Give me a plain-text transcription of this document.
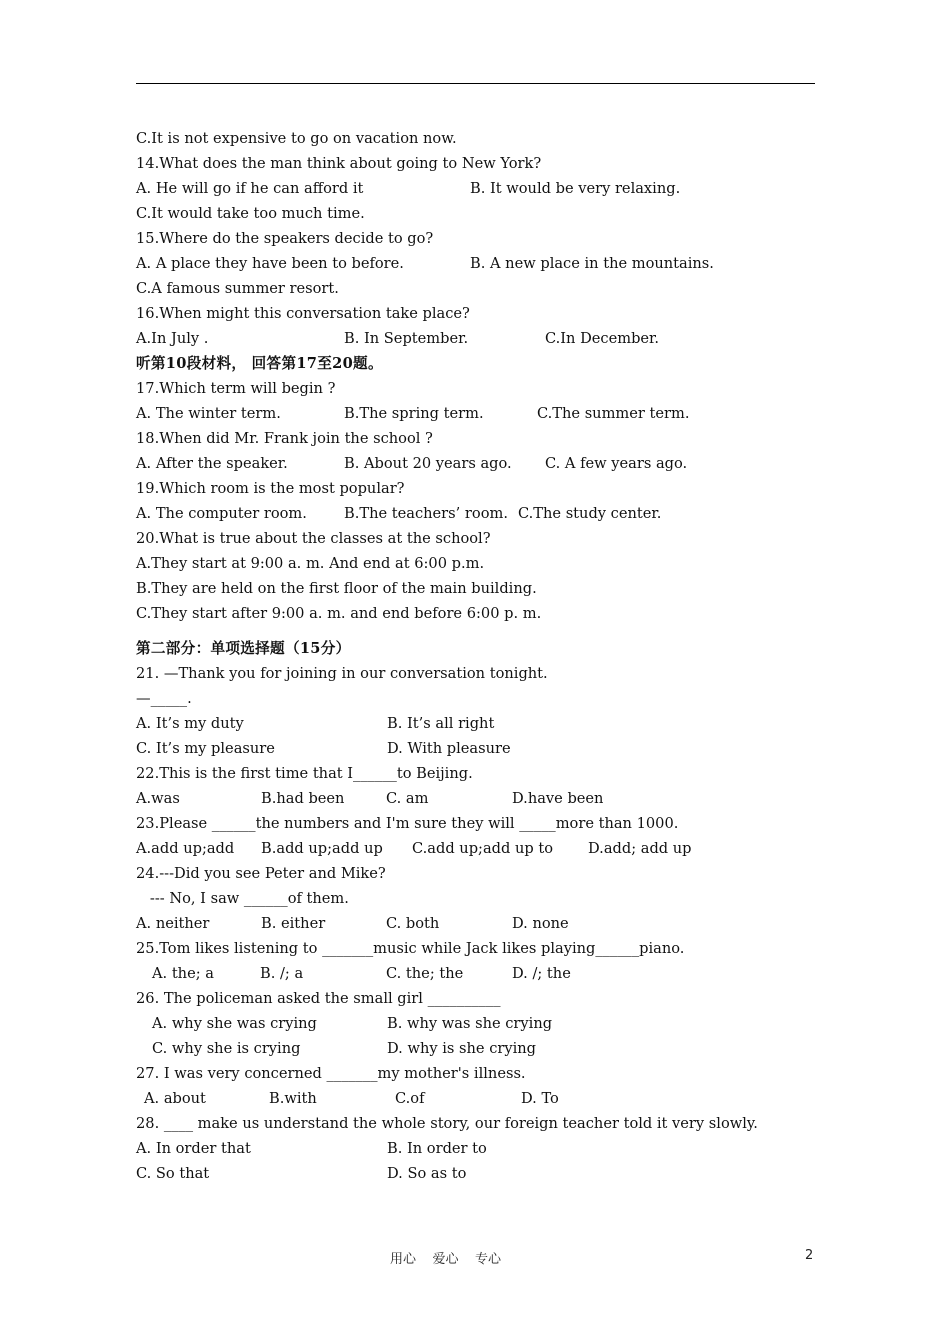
C.It is not expensive to go on vacation now.
14.What does the man think about going to New York?
A. He will go if he can afford it	B. It would be very relaxing.
C.It would take too much time.
15.Where do the speakers decide to go?
A. A place they have been to before.	B. A new place in the mountains.
C.A famous summer resort.
16.When might this conversation take place?
A.In July .	B. In September.	C.In December.
听第10段材料， 回答第17至20题。
17.Which term will begin ?
A. The winter term.	B.The spring term.	C.The summer term.
18.When did Mr. Frank join the school ?
A. After the speaker.	B. About 20 years ago. C. A few years ago.
19.Which room is the most popular?
A. The computer room.	B.The teachers’ room. C.The study center.
20.What is true about the classes at the school?
A.They start at 9:00 a. m. And end at 6:00 p.m.
B.They are held on the first floor of the main building.
C.They start after 9:00 a. m. and end before 6:00 p. m.
第二部分：单项选择题（15分）
21. —Thank you for joining in our conversation tonight.
—_____.
A. It’s my duty	B. It’s all right
C. It’s my pleasure	D. With pleasure
22.This is the first time that I______to Beijing.
A.was	B.had been	C. am	D.have been
23.Please ______the numbers and I'm sure they will _____more than 1000.
A.add up;add B.add up;add up C.add up;add up to D.add; add up
24.---Did you see Peter and Mike?
--- No, I saw ______of them.
A. neither	B. either	C. both	D. none
25.Tom likes listening to _______music while Jack likes playing______piano.
A. the; a	B. /; a	C. the; the	D. /; the
26. The policeman asked the small girl __________
A. why she was crying	B. why was she crying
C. why she is crying	D. why is she crying
27. I was very concerned _______my mother's illness.
A. about	B.with	C.of	D. To
28. ____ make us understand the whole story, our foreign teacher told it very slowly.
A. In order that	B. In order to
C. So that	D. So as to
用心    爱心    专心	2
